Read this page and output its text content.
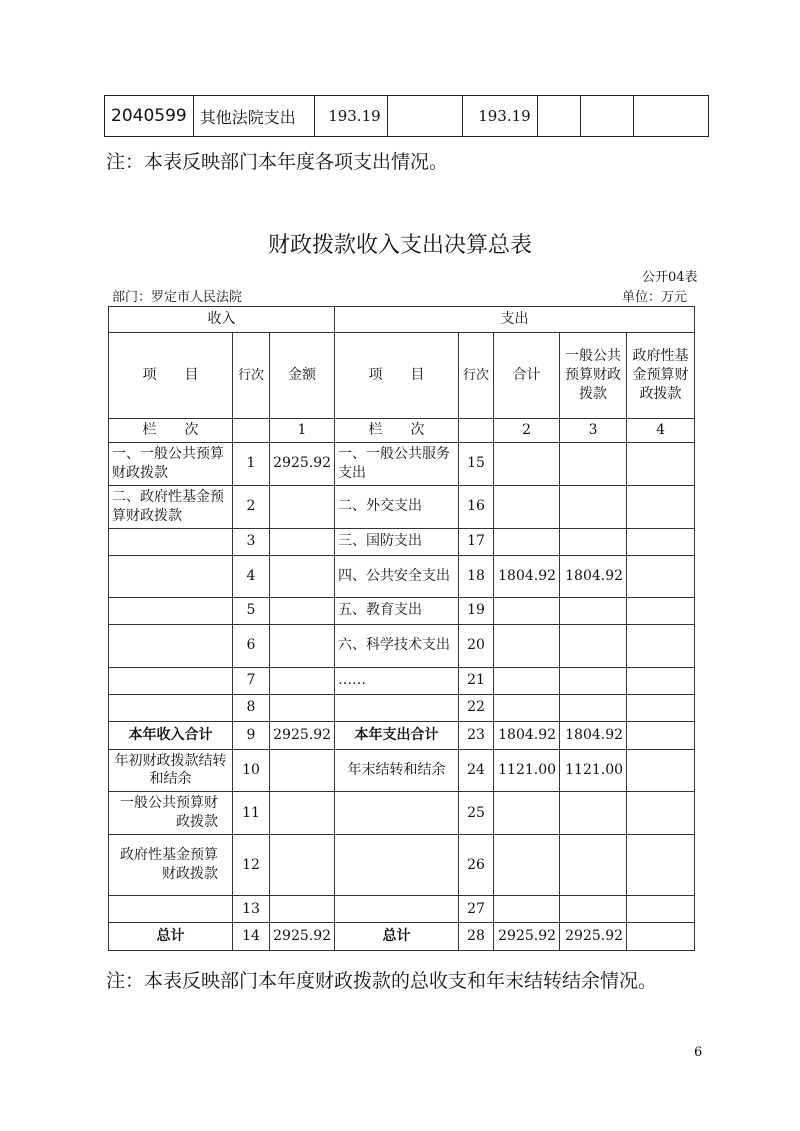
2040599	其他法院支出	193.19		193.19			
注：本表反映部门本年度各项支出情况。
财政拨款收入支出决算总表
公开04表
部门：罗定市人民法院	单位：万元
收入			支出				
项　　目	行次	金额	项　　目	行次	合计	一般公共预算财政拨款	政府性基金预算财政拨款
栏　　次		1	栏　　次		2	3	4
一、一般公共预算财政拨款	1	2925.92	一、一般公共服务支出	15			
二、政府性基金预算财政拨款	2		二、外交支出	16			
	3		三、国防支出	17			
	4		四、公共安全支出	18	1804.92	1804.92	
	5		五、教育支出	19			
	6		六、科学技术支出	20			
	7		……	21			
	8			22			
本年收入合计	9	2925.92	本年支出合计	23	1804.92	1804.92	
年初财政拨款结转和结余	10		年末结转和结余	24	1121.00	1121.00	
一般公共预算财政拨款	11			25			
政府性基金预算财政拨款	12			26			
	13			27			
总计	14	2925.92	总计	28	2925.92	2925.92	
注：本表反映部门本年度财政拨款的总收支和年末结转结余情况。
6
